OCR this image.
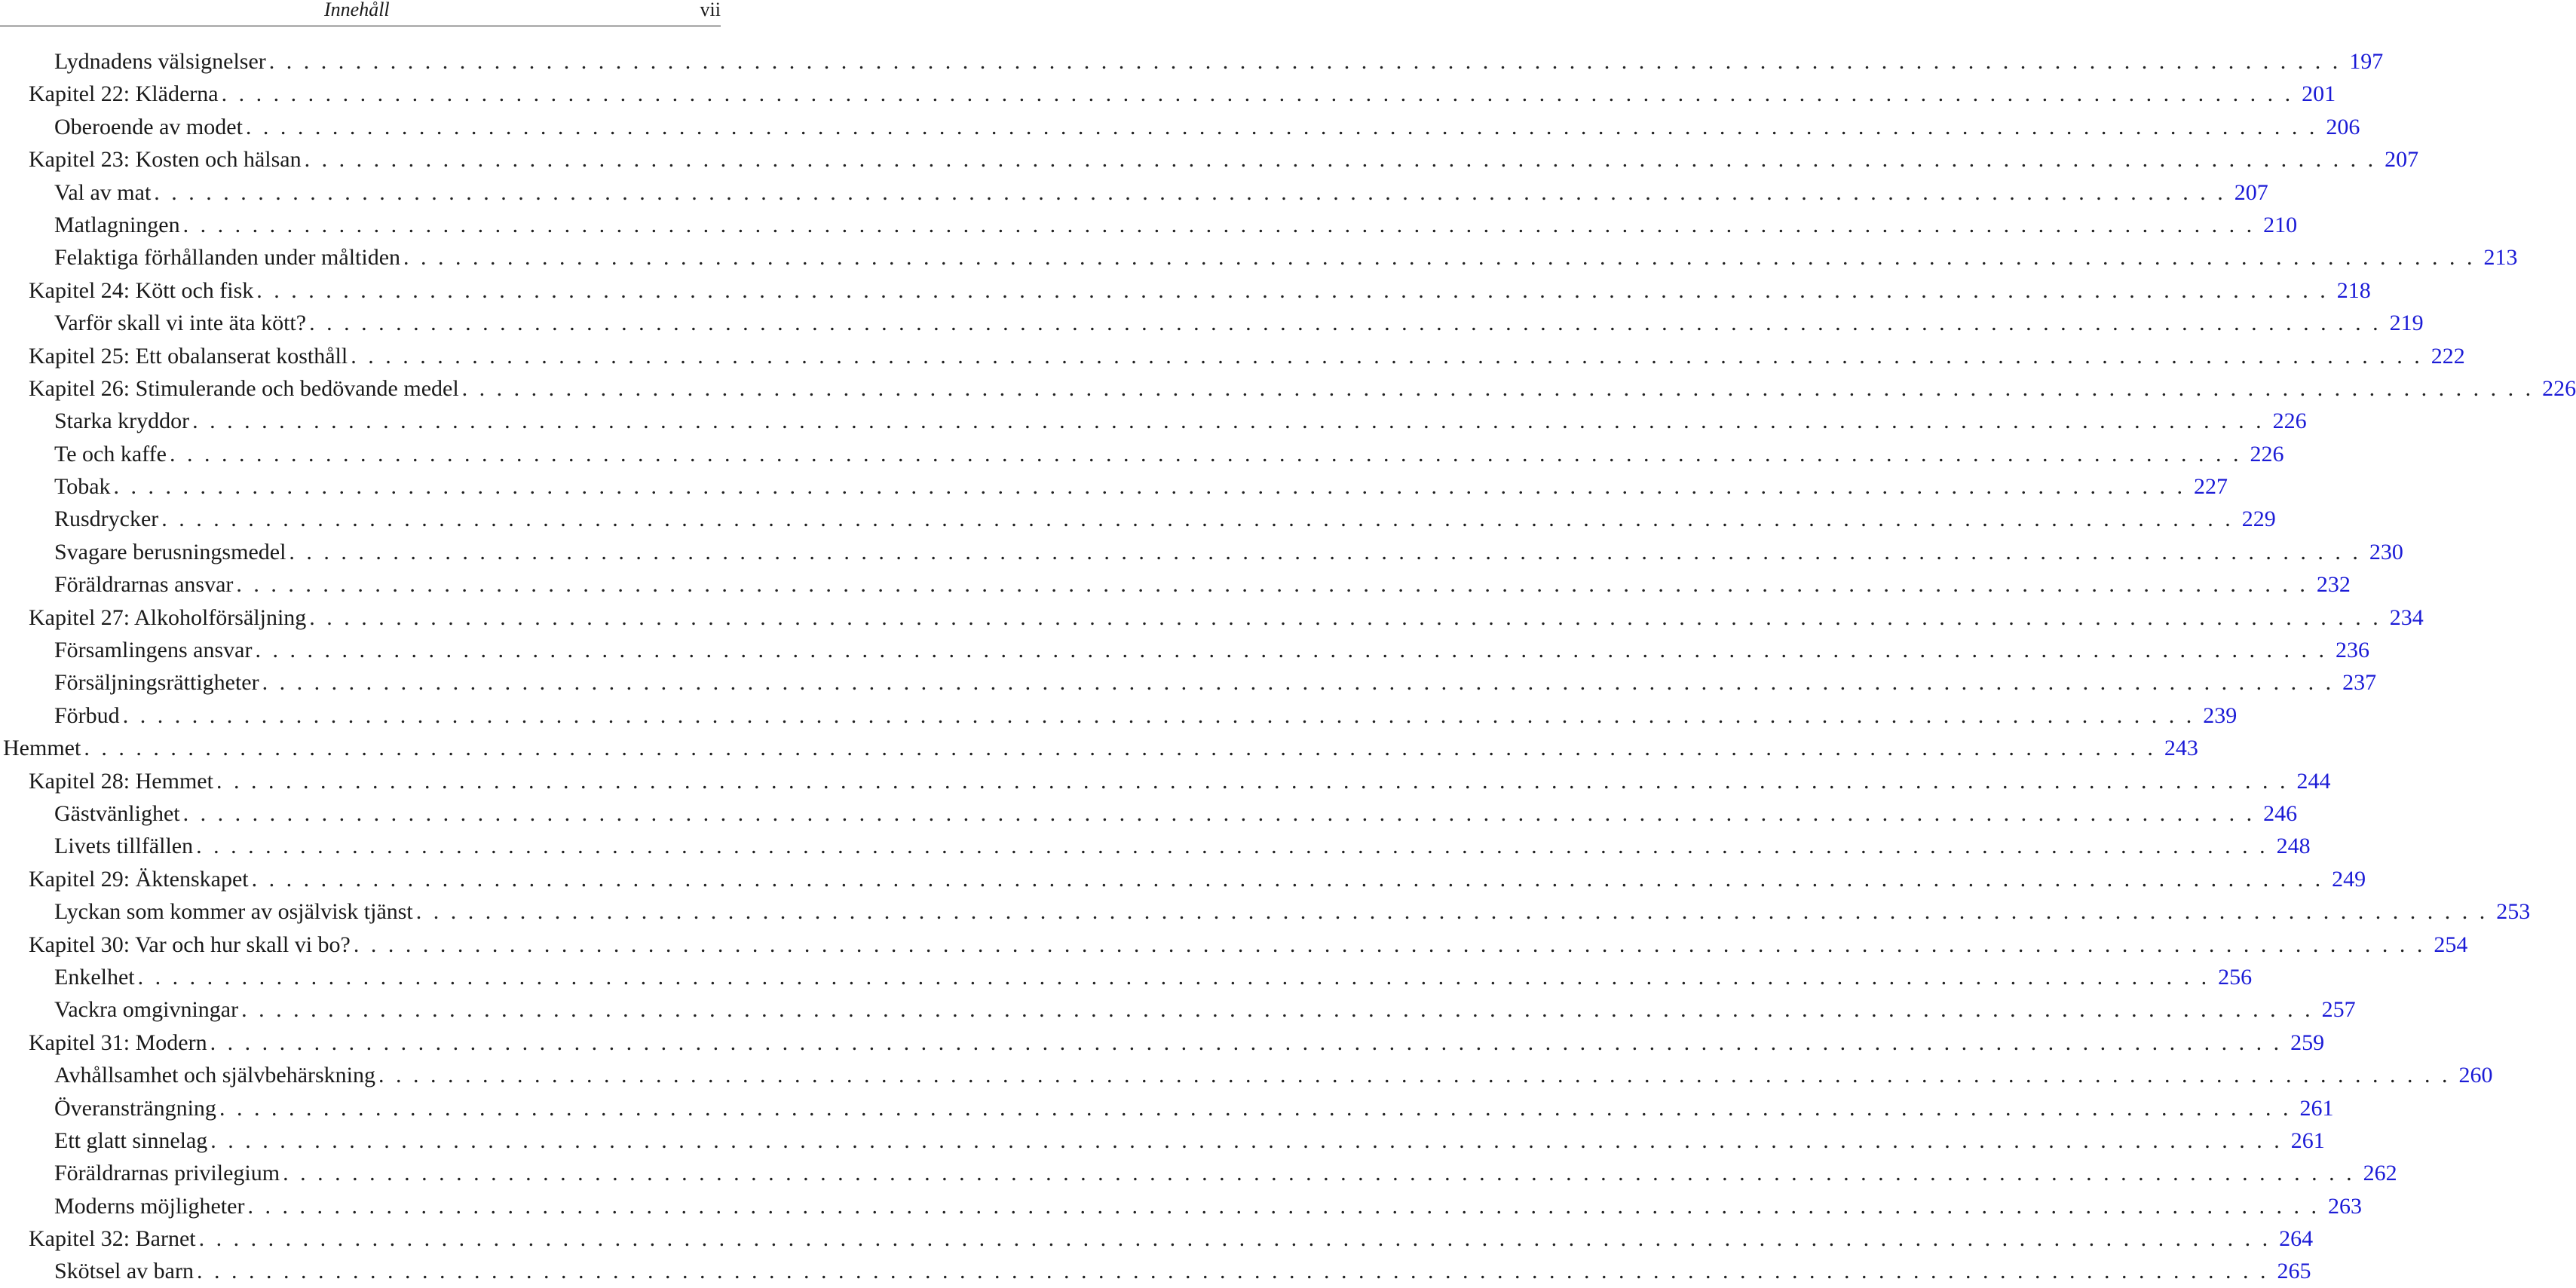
Innehåll	vii
Lydnadens välsignelser . . . . . . . . . . . . . . . . . . . . . . . . . . . . . . . . . . . . . . . . . . . . . . . . . . . . . . . . . . . . . . . . . . . . . . . . . . . . . . . . . . . . . . . . . . . . . . . . . . . . . . . . . . . . . . . . . . . . . . . . 197
Kapitel 22: Kläderna . . . . . . . . . . . . . . . . . . . . . . . . . . . . . . . . . . . . . . . . . . . . . . . . . . . . . . . . . . . . . . . . . . . . . . . . . . . . . . . . . . . . . . . . . . . . . . . . . . . . . . . . . . . . . . . . . . . . . . . . 201
Oberoende av modet . . . . . . . . . . . . . . . . . . . . . . . . . . . . . . . . . . . . . . . . . . . . . . . . . . . . . . . . . . . . . . . . . . . . . . . . . . . . . . . . . . . . . . . . . . . . . . . . . . . . . . . . . . . . . . . . . . . . . . . . 206
Kapitel 23: Kosten och hälsan . . . . . . . . . . . . . . . . . . . . . . . . . . . . . . . . . . . . . . . . . . . . . . . . . . . . . . . . . . . . . . . . . . . . . . . . . . . . . . . . . . . . . . . . . . . . . . . . . . . . . . . . . . . . . . . . . . . . . . . . 207
Val av mat . . . . . . . . . . . . . . . . . . . . . . . . . . . . . . . . . . . . . . . . . . . . . . . . . . . . . . . . . . . . . . . . . . . . . . . . . . . . . . . . . . . . . . . . . . . . . . . . . . . . . . . . . . . . . . . . . . . . . . . . 207
Matlagningen . . . . . . . . . . . . . . . . . . . . . . . . . . . . . . . . . . . . . . . . . . . . . . . . . . . . . . . . . . . . . . . . . . . . . . . . . . . . . . . . . . . . . . . . . . . . . . . . . . . . . . . . . . . . . . . . . . . . . . . . 210
Felaktiga förhållanden under måltiden . . . . . . . . . . . . . . . . . . . . . . . . . . . . . . . . . . . . . . . . . . . . . . . . . . . . . . . . . . . . . . . . . . . . . . . . . . . . . . . . . . . . . . . . . . . . . . . . . . . . . . . . . . . . . . . . . . . . . . . . 213
Kapitel 24: Kött och fisk . . . . . . . . . . . . . . . . . . . . . . . . . . . . . . . . . . . . . . . . . . . . . . . . . . . . . . . . . . . . . . . . . . . . . . . . . . . . . . . . . . . . . . . . . . . . . . . . . . . . . . . . . . . . . . . . . . . . . . . . 218
Varför skall vi inte äta kött? . . . . . . . . . . . . . . . . . . . . . . . . . . . . . . . . . . . . . . . . . . . . . . . . . . . . . . . . . . . . . . . . . . . . . . . . . . . . . . . . . . . . . . . . . . . . . . . . . . . . . . . . . . . . . . . . . . . . . . . . 219
Kapitel 25: Ett obalanserat kosthåll . . . . . . . . . . . . . . . . . . . . . . . . . . . . . . . . . . . . . . . . . . . . . . . . . . . . . . . . . . . . . . . . . . . . . . . . . . . . . . . . . . . . . . . . . . . . . . . . . . . . . . . . . . . . . . . . . . . . . . . . 222
Kapitel 26: Stimulerande och bedövande medel . . . . . . . . . . . . . . . . . . . . . . . . . . . . . . . . . . . . . . . . . . . . . . . . . . . . . . . . . . . . . . . . . . . . . . . . . . . . . . . . . . . . . . . . . . . . . . . . . . . . . . . . . . . . . . . . . . . . . . . . 226
Starka kryddor . . . . . . . . . . . . . . . . . . . . . . . . . . . . . . . . . . . . . . . . . . . . . . . . . . . . . . . . . . . . . . . . . . . . . . . . . . . . . . . . . . . . . . . . . . . . . . . . . . . . . . . . . . . . . . . . . . . . . . . . 226
Te och kaffe . . . . . . . . . . . . . . . . . . . . . . . . . . . . . . . . . . . . . . . . . . . . . . . . . . . . . . . . . . . . . . . . . . . . . . . . . . . . . . . . . . . . . . . . . . . . . . . . . . . . . . . . . . . . . . . . . . . . . . . . 226
Tobak . . . . . . . . . . . . . . . . . . . . . . . . . . . . . . . . . . . . . . . . . . . . . . . . . . . . . . . . . . . . . . . . . . . . . . . . . . . . . . . . . . . . . . . . . . . . . . . . . . . . . . . . . . . . . . . . . . . . . . . . 227
Rusdrycker . . . . . . . . . . . . . . . . . . . . . . . . . . . . . . . . . . . . . . . . . . . . . . . . . . . . . . . . . . . . . . . . . . . . . . . . . . . . . . . . . . . . . . . . . . . . . . . . . . . . . . . . . . . . . . . . . . . . . . . . 229
Svagare berusningsmedel . . . . . . . . . . . . . . . . . . . . . . . . . . . . . . . . . . . . . . . . . . . . . . . . . . . . . . . . . . . . . . . . . . . . . . . . . . . . . . . . . . . . . . . . . . . . . . . . . . . . . . . . . . . . . . . . . . . . . . . . 230
Föräldrarnas ansvar . . . . . . . . . . . . . . . . . . . . . . . . . . . . . . . . . . . . . . . . . . . . . . . . . . . . . . . . . . . . . . . . . . . . . . . . . . . . . . . . . . . . . . . . . . . . . . . . . . . . . . . . . . . . . . . . . . . . . . . . 232
Kapitel 27: Alkoholförsäljning . . . . . . . . . . . . . . . . . . . . . . . . . . . . . . . . . . . . . . . . . . . . . . . . . . . . . . . . . . . . . . . . . . . . . . . . . . . . . . . . . . . . . . . . . . . . . . . . . . . . . . . . . . . . . . . . . . . . . . . . 234
Församlingens ansvar . . . . . . . . . . . . . . . . . . . . . . . . . . . . . . . . . . . . . . . . . . . . . . . . . . . . . . . . . . . . . . . . . . . . . . . . . . . . . . . . . . . . . . . . . . . . . . . . . . . . . . . . . . . . . . . . . . . . . . . . 236
Försäljningsrättigheter . . . . . . . . . . . . . . . . . . . . . . . . . . . . . . . . . . . . . . . . . . . . . . . . . . . . . . . . . . . . . . . . . . . . . . . . . . . . . . . . . . . . . . . . . . . . . . . . . . . . . . . . . . . . . . . . . . . . . . . . 237
Förbud . . . . . . . . . . . . . . . . . . . . . . . . . . . . . . . . . . . . . . . . . . . . . . . . . . . . . . . . . . . . . . . . . . . . . . . . . . . . . . . . . . . . . . . . . . . . . . . . . . . . . . . . . . . . . . . . . . . . . . . . 239
Hemmet . . . . . . . . . . . . . . . . . . . . . . . . . . . . . . . . . . . . . . . . . . . . . . . . . . . . . . . . . . . . . . . . . . . . . . . . . . . . . . . . . . . . . . . . . . . . . . . . . . . . . . . . . . . . . . . . . . . . . . . . 243
Kapitel 28: Hemmet . . . . . . . . . . . . . . . . . . . . . . . . . . . . . . . . . . . . . . . . . . . . . . . . . . . . . . . . . . . . . . . . . . . . . . . . . . . . . . . . . . . . . . . . . . . . . . . . . . . . . . . . . . . . . . . . . . . . . . . . 244
Gästvänlighet . . . . . . . . . . . . . . . . . . . . . . . . . . . . . . . . . . . . . . . . . . . . . . . . . . . . . . . . . . . . . . . . . . . . . . . . . . . . . . . . . . . . . . . . . . . . . . . . . . . . . . . . . . . . . . . . . . . . . . . . 246
Livets tillfällen . . . . . . . . . . . . . . . . . . . . . . . . . . . . . . . . . . . . . . . . . . . . . . . . . . . . . . . . . . . . . . . . . . . . . . . . . . . . . . . . . . . . . . . . . . . . . . . . . . . . . . . . . . . . . . . . . . . . . . . . 248
Kapitel 29: Äktenskapet . . . . . . . . . . . . . . . . . . . . . . . . . . . . . . . . . . . . . . . . . . . . . . . . . . . . . . . . . . . . . . . . . . . . . . . . . . . . . . . . . . . . . . . . . . . . . . . . . . . . . . . . . . . . . . . . . . . . . . . . 249
Lyckan som kommer av osjälvisk tjänst . . . . . . . . . . . . . . . . . . . . . . . . . . . . . . . . . . . . . . . . . . . . . . . . . . . . . . . . . . . . . . . . . . . . . . . . . . . . . . . . . . . . . . . . . . . . . . . . . . . . . . . . . . . . . . . . . . . . . . . . 253
Kapitel 30: Var och hur skall vi bo? . . . . . . . . . . . . . . . . . . . . . . . . . . . . . . . . . . . . . . . . . . . . . . . . . . . . . . . . . . . . . . . . . . . . . . . . . . . . . . . . . . . . . . . . . . . . . . . . . . . . . . . . . . . . . . . . . . . . . . . . 254
Enkelhet . . . . . . . . . . . . . . . . . . . . . . . . . . . . . . . . . . . . . . . . . . . . . . . . . . . . . . . . . . . . . . . . . . . . . . . . . . . . . . . . . . . . . . . . . . . . . . . . . . . . . . . . . . . . . . . . . . . . . . . . 256
Vackra omgivningar . . . . . . . . . . . . . . . . . . . . . . . . . . . . . . . . . . . . . . . . . . . . . . . . . . . . . . . . . . . . . . . . . . . . . . . . . . . . . . . . . . . . . . . . . . . . . . . . . . . . . . . . . . . . . . . . . . . . . . . . 257
Kapitel 31: Modern . . . . . . . . . . . . . . . . . . . . . . . . . . . . . . . . . . . . . . . . . . . . . . . . . . . . . . . . . . . . . . . . . . . . . . . . . . . . . . . . . . . . . . . . . . . . . . . . . . . . . . . . . . . . . . . . . . . . . . . . 259
Avhållsamhet och självbehärskning . . . . . . . . . . . . . . . . . . . . . . . . . . . . . . . . . . . . . . . . . . . . . . . . . . . . . . . . . . . . . . . . . . . . . . . . . . . . . . . . . . . . . . . . . . . . . . . . . . . . . . . . . . . . . . . . . . . . . . . . 260
Överansträngning . . . . . . . . . . . . . . . . . . . . . . . . . . . . . . . . . . . . . . . . . . . . . . . . . . . . . . . . . . . . . . . . . . . . . . . . . . . . . . . . . . . . . . . . . . . . . . . . . . . . . . . . . . . . . . . . . . . . . . . . 261
Ett glatt sinnelag . . . . . . . . . . . . . . . . . . . . . . . . . . . . . . . . . . . . . . . . . . . . . . . . . . . . . . . . . . . . . . . . . . . . . . . . . . . . . . . . . . . . . . . . . . . . . . . . . . . . . . . . . . . . . . . . . . . . . . . . 261
Föräldrarnas privilegium . . . . . . . . . . . . . . . . . . . . . . . . . . . . . . . . . . . . . . . . . . . . . . . . . . . . . . . . . . . . . . . . . . . . . . . . . . . . . . . . . . . . . . . . . . . . . . . . . . . . . . . . . . . . . . . . . . . . . . . . 262
Moderns möjligheter . . . . . . . . . . . . . . . . . . . . . . . . . . . . . . . . . . . . . . . . . . . . . . . . . . . . . . . . . . . . . . . . . . . . . . . . . . . . . . . . . . . . . . . . . . . . . . . . . . . . . . . . . . . . . . . . . . . . . . . . 263
Kapitel 32: Barnet . . . . . . . . . . . . . . . . . . . . . . . . . . . . . . . . . . . . . . . . . . . . . . . . . . . . . . . . . . . . . . . . . . . . . . . . . . . . . . . . . . . . . . . . . . . . . . . . . . . . . . . . . . . . . . . . . . . . . . . . 264
Skötsel av barn . . . . . . . . . . . . . . . . . . . . . . . . . . . . . . . . . . . . . . . . . . . . . . . . . . . . . . . . . . . . . . . . . . . . . . . . . . . . . . . . . . . . . . . . . . . . . . . . . . . . . . . . . . . . . . . . . . . . . . . . 265
